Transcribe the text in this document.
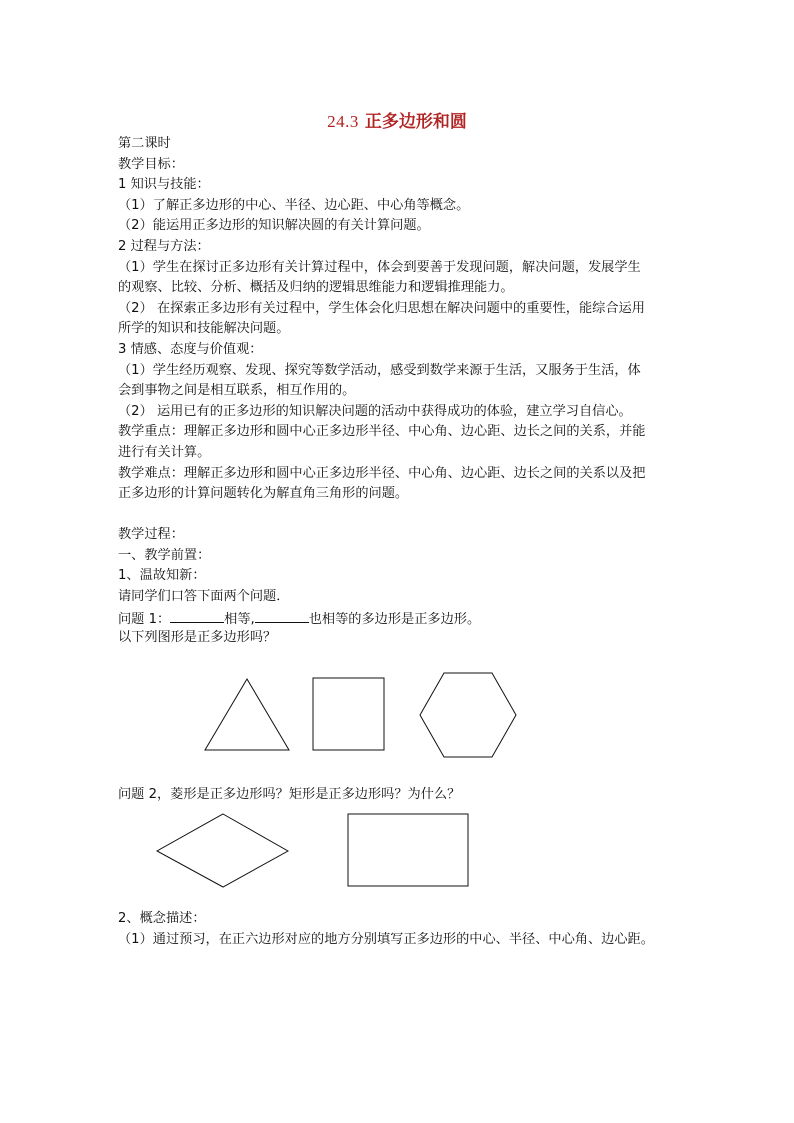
24.3 正多边形和圆
第二课时
教学目标：
1 知识与技能：
（1）了解正多边形的中心、半径、边心距、中心角等概念。
（2）能运用正多边形的知识解决圆的有关计算问题。
2 过程与方法：
（1）学生在探讨正多边形有关计算过程中，体会到要善于发现问题，解决问题，发展学生
的观察、比较、分析、概括及归纳的逻辑思维能力和逻辑推理能力。
（2） 在探索正多边形有关过程中，学生体会化归思想在解决问题中的重要性，能综合运用
所学的知识和技能解决问题。
3 情感、态度与价值观：
（1）学生经历观察、发现、探究等数学活动，感受到数学来源于生活，又服务于生活，体
会到事物之间是相互联系，相互作用的。
（2） 运用已有的正多边形的知识解决问题的活动中获得成功的体验，建立学习自信心。
教学重点：理解正多边形和圆中心正多边形半径、中心角、边心距、边长之间的关系，并能
进行有关计算。
教学难点：理解正多边形和圆中心正多边形半径、中心角、边心距、边长之间的关系以及把
正多边形的计算问题转化为解直角三角形的问题。
教学过程：
一、教学前置：
1、温故知新：
请同学们口答下面两个问题．
问题 1：	相等,	也相等的多边形是正多边形。
以下列图形是正多边形吗？
问题 2，菱形是正多边形吗？矩形是正多边形吗？为什么？
2、概念描述：
（1）通过预习，在正六边形对应的地方分别填写正多边形的中心、半径、中心角、边心距。
